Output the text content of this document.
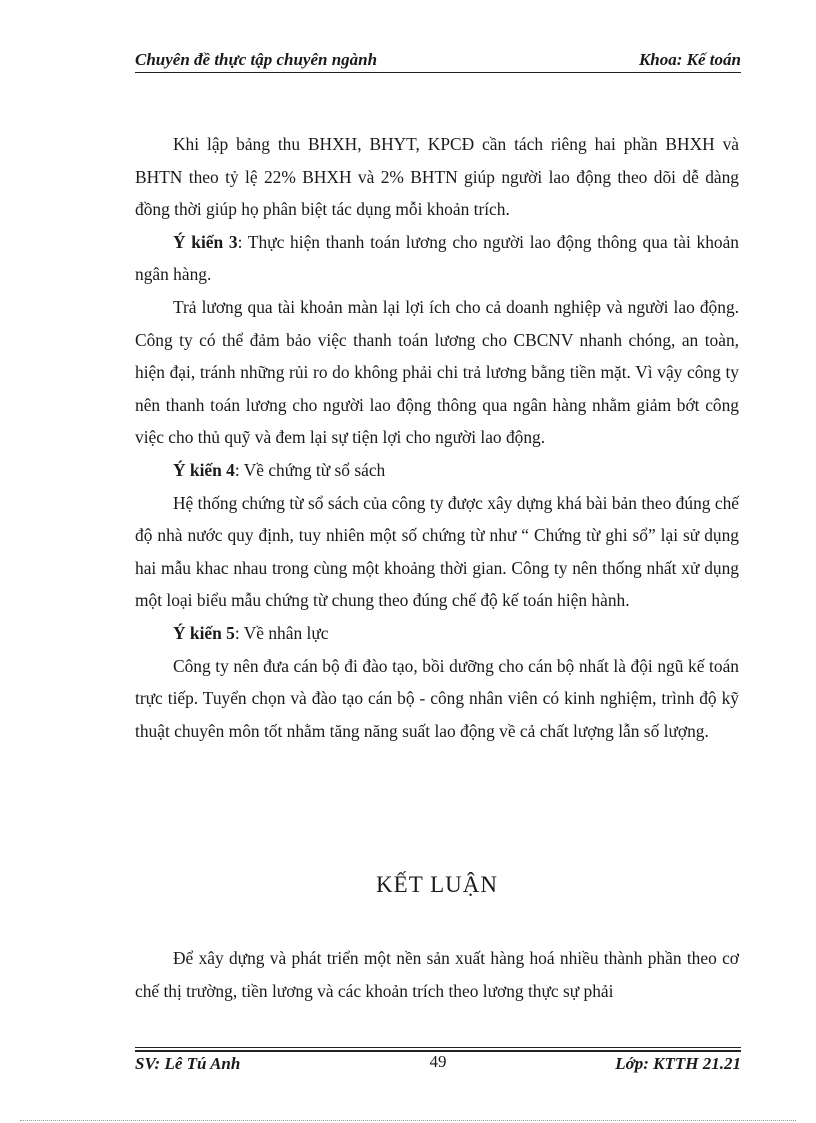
Chuyên đề thực tập chuyên ngành	Khoa: Kế toán

Khi lập bảng thu BHXH, BHYT, KPCĐ cần tách riêng hai phần BHXH và BHTN theo tỷ lệ 22% BHXH và 2% BHTN giúp người lao động theo dõi dễ dàng đồng thời giúp họ phân biệt tác dụng mỗi khoản trích.

Ý kiến 3: Thực hiện thanh toán lương cho người lao động thông qua tài khoản ngân hàng.

Trả lương qua tài khoản màn lại lợi ích cho cả doanh nghiệp và người lao động. Công ty có thể đảm bảo việc thanh toán lương cho CBCNV nhanh chóng, an toàn, hiện đại, tránh những rủi ro do không phải chi trả lương bằng tiền mặt. Vì vậy công ty nên thanh toán lương cho người lao động thông qua ngân hàng nhằm giảm bớt công việc cho thủ quỹ và đem lại sự tiện lợi cho người lao động.

Ý kiến 4: Về chứng từ sổ sách

Hệ thống chứng từ sổ sách của công ty được xây dựng khá bài bản theo đúng chế độ nhà nước quy định, tuy nhiên một số chứng từ như “ Chứng từ ghi sổ” lại sử dụng hai mẫu khac nhau trong cùng một khoảng thời gian. Công ty nên thống nhất xử dụng một loại biểu mẫu chứng từ chung theo đúng chế độ kế toán hiện hành.

Ý kiến 5: Về nhân lực

Công ty nên đưa cán bộ đi đào tạo, bồi dưỡng cho cán bộ nhất là đội ngũ kế toán trực tiếp. Tuyển chọn và đào tạo cán bộ - công nhân viên có kinh nghiệm, trình độ kỹ thuật chuyên môn tốt nhằm tăng năng suất lao động về cả chất lượng lẫn số lượng.

KẾT LUẬN

Để xây dựng và phát triển một nền sản xuất hàng hoá nhiều thành phần theo cơ chế thị trường, tiền lương và các khoản trích theo lương thực sự phải

SV: Lê Tú Anh	49	Lớp: KTTH 21.21
